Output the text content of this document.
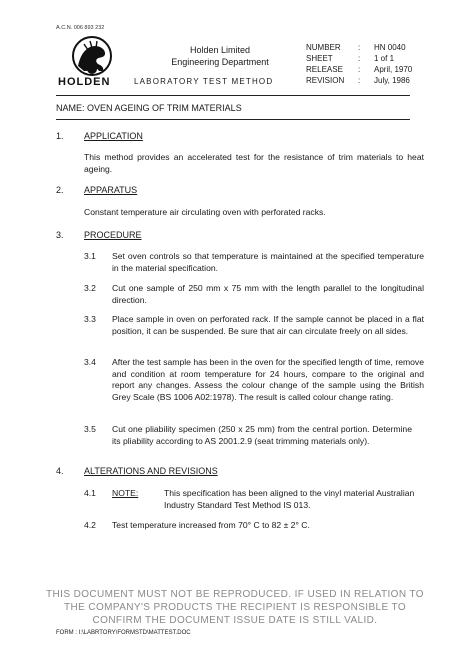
A.C.N. 006 893 232
HOLDEN
Holden Limited
Engineering Department
LABORATORY TEST METHOD
NUMBER	:	HN 0040
SHEET	:	1 of 1
RELEASE	:	April, 1970
REVISION	:	July, 1986
NAME: OVEN AGEING OF TRIM MATERIALS
1. APPLICATION
This method provides an accelerated test for the resistance of trim materials to heat ageing.
2. APPARATUS
Constant temperature air circulating oven with perforated racks.
3. PROCEDURE
3.1 Set oven controls so that temperature is maintained at the specified temperature in the material specification.
3.2 Cut one sample of 250 mm x 75 mm with the length parallel to the longitudinal direction.
3.3 Place sample in oven on perforated rack. If the sample cannot be placed in a flat position, it can be suspended. Be sure that air can circulate freely on all sides.
3.4 After the test sample has been in the oven for the specified length of time, remove and condition at room temperature for 24 hours, compare to the original and report any changes. Assess the colour change of the sample using the British Grey Scale (BS 1006 A02:1978). The result is called colour change rating.
3.5 Cut one pliability specimen (250 x 25 mm) from the central portion. Determine its pliability according to AS 2001.2.9 (seat trimming materials only).
4. ALTERATIONS AND REVISIONS
4.1 NOTE:	This specification has been aligned to the vinyl material Australian Industry Standard Test Method IS 013.
4.2 Test temperature increased from 70° C to 82 ± 2° C.
THIS DOCUMENT MUST NOT BE REPRODUCED. IF USED IN RELATION TO
THE COMPANY'S PRODUCTS THE RECIPIENT IS RESPONSIBLE TO
CONFIRM THE DOCUMENT ISSUE DATE IS STILL VALID.
FORM : I:\LABRTORY\FORMSTD\MATTEST.DOC
